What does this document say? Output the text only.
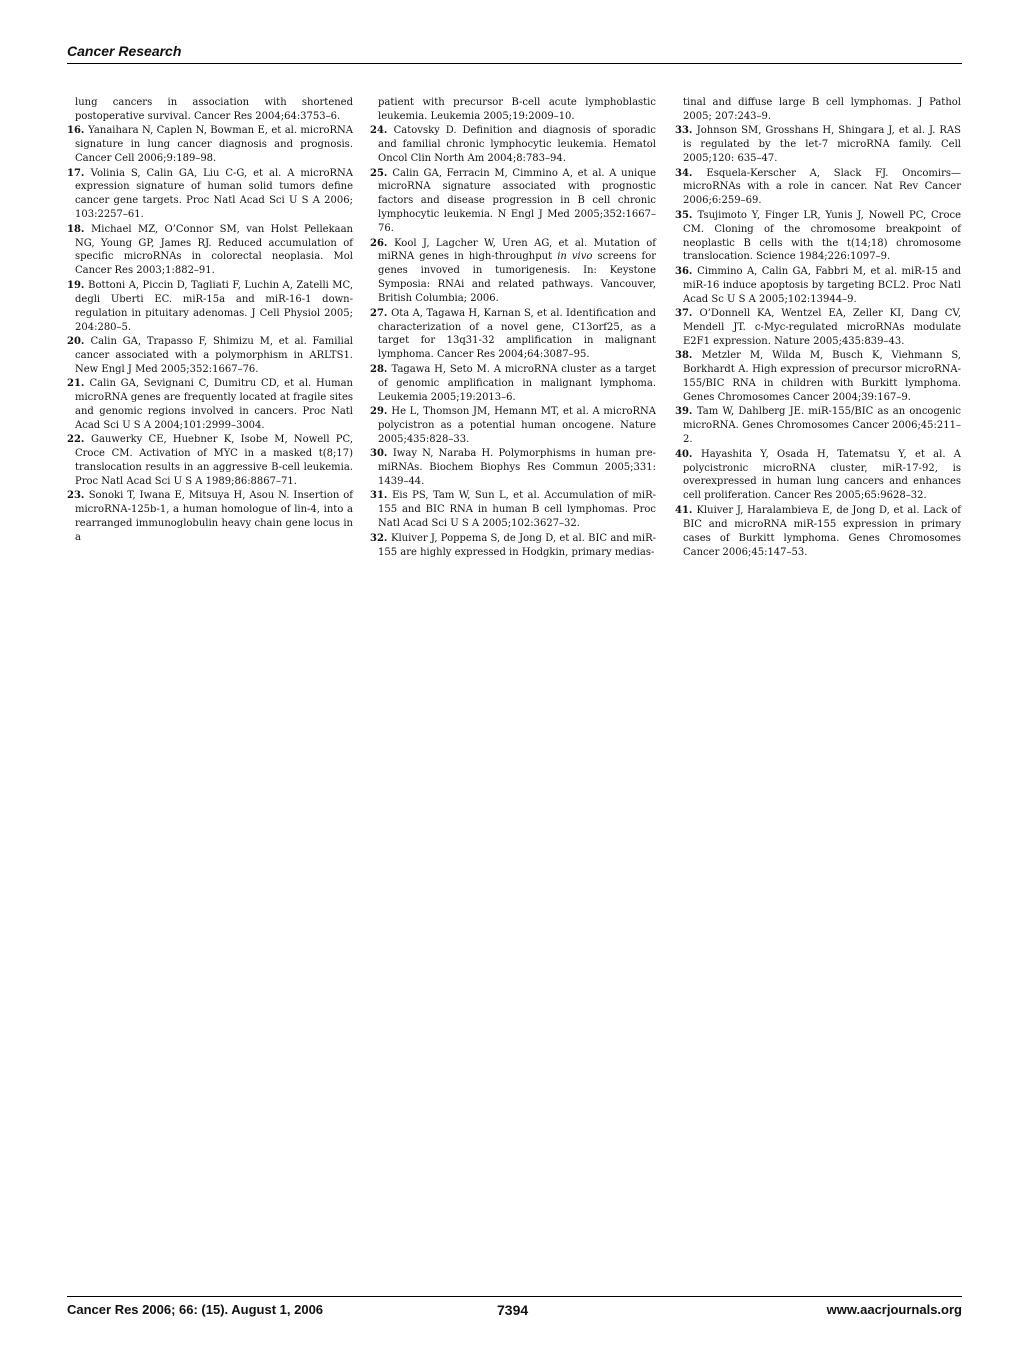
Cancer Research

lung cancers in association with shortened postoperative survival. Cancer Res 2004;64:3753–6.

16. Yanaihara N, Caplen N, Bowman E, et al. microRNA signature in lung cancer diagnosis and prognosis. Cancer Cell 2006;9:189–98.

17. Volinia S, Calin GA, Liu C-G, et al. A microRNA expression signature of human solid tumors define cancer gene targets. Proc Natl Acad Sci U S A 2006; 103:2257–61.

18. Michael MZ, O’Connor SM, van Holst Pellekaan NG, Young GP, James RJ. Reduced accumulation of specific microRNAs in colorectal neoplasia. Mol Cancer Res 2003;1:882–91.

19. Bottoni A, Piccin D, Tagliati F, Luchin A, Zatelli MC, degli Uberti EC. miR-15a and miR-16-1 down-regulation in pituitary adenomas. J Cell Physiol 2005; 204:280–5.

20. Calin GA, Trapasso F, Shimizu M, et al. Familial cancer associated with a polymorphism in ARLTS1. New Engl J Med 2005;352:1667–76.

21. Calin GA, Sevignani C, Dumitru CD, et al. Human microRNA genes are frequently located at fragile sites and genomic regions involved in cancers. Proc Natl Acad Sci U S A 2004;101:2999–3004.

22. Gauwerky CE, Huebner K, Isobe M, Nowell PC, Croce CM. Activation of MYC in a masked t(8;17) translocation results in an aggressive B-cell leukemia. Proc Natl Acad Sci U S A 1989;86:8867–71.

23. Sonoki T, Iwana E, Mitsuya H, Asou N. Insertion of microRNA-125b-1, a human homologue of lin-4, into a rearranged immunoglobulin heavy chain gene locus in a

patient with precursor B-cell acute lymphoblastic leukemia. Leukemia 2005;19:2009–10.

24. Catovsky D. Definition and diagnosis of sporadic and familial chronic lymphocytic leukemia. Hematol Oncol Clin North Am 2004;8:783–94.

25. Calin GA, Ferracin M, Cimmino A, et al. A unique microRNA signature associated with prognostic factors and disease progression in B cell chronic lymphocytic leukemia. N Engl J Med 2005;352:1667–76.

26. Kool J, Lagcher W, Uren AG, et al. Mutation of miRNA genes in high-throughput in vivo screens for genes invoved in tumorigenesis. In: Keystone Symposia: RNAi and related pathways. Vancouver, British Columbia; 2006.

27. Ota A, Tagawa H, Karnan S, et al. Identification and characterization of a novel gene, C13orf25, as a target for 13q31-32 amplification in malignant lymphoma. Cancer Res 2004;64:3087–95.

28. Tagawa H, Seto M. A microRNA cluster as a target of genomic amplification in malignant lymphoma. Leukemia 2005;19:2013–6.

29. He L, Thomson JM, Hemann MT, et al. A microRNA polycistron as a potential human oncogene. Nature 2005;435:828–33.

30. Iway N, Naraba H. Polymorphisms in human pre-miRNAs. Biochem Biophys Res Commun 2005;331: 1439–44.

31. Eis PS, Tam W, Sun L, et al. Accumulation of miR-155 and BIC RNA in human B cell lymphomas. Proc Natl Acad Sci U S A 2005;102:3627–32.

32. Kluiver J, Poppema S, de Jong D, et al. BIC and miR-155 are highly expressed in Hodgkin, primary medias-

tinal and diffuse large B cell lymphomas. J Pathol 2005; 207:243–9.

33. Johnson SM, Grosshans H, Shingara J, et al. J. RAS is regulated by the let-7 microRNA family. Cell 2005;120: 635–47.

34. Esquela-Kerscher A, Slack FJ. Oncomirs—microRNAs with a role in cancer. Nat Rev Cancer 2006;6:259–69.

35. Tsujimoto Y, Finger LR, Yunis J, Nowell PC, Croce CM. Cloning of the chromosome breakpoint of neoplastic B cells with the t(14;18) chromosome translocation. Science 1984;226:1097–9.

36. Cimmino A, Calin GA, Fabbri M, et al. miR-15 and miR-16 induce apoptosis by targeting BCL2. Proc Natl Acad Sc U S A 2005;102:13944–9.

37. O’Donnell KA, Wentzel EA, Zeller KI, Dang CV, Mendell JT. c-Myc-regulated microRNAs modulate E2F1 expression. Nature 2005;435:839–43.

38. Metzler M, Wilda M, Busch K, Viehmann S, Borkhardt A. High expression of precursor microRNA-155/BIC RNA in children with Burkitt lymphoma. Genes Chromosomes Cancer 2004;39:167–9.

39. Tam W, Dahlberg JE. miR-155/BIC as an oncogenic microRNA. Genes Chromosomes Cancer 2006;45:211–2.

40. Hayashita Y, Osada H, Tatematsu Y, et al. A polycistronic microRNA cluster, miR-17-92, is overexpressed in human lung cancers and enhances cell proliferation. Cancer Res 2005;65:9628–32.

41. Kluiver J, Haralambieva E, de Jong D, et al. Lack of BIC and microRNA miR-155 expression in primary cases of Burkitt lymphoma. Genes Chromosomes Cancer 2006;45:147–53.

Cancer Res 2006; 66: (15). August 1, 2006	7394	www.aacrjournals.org
